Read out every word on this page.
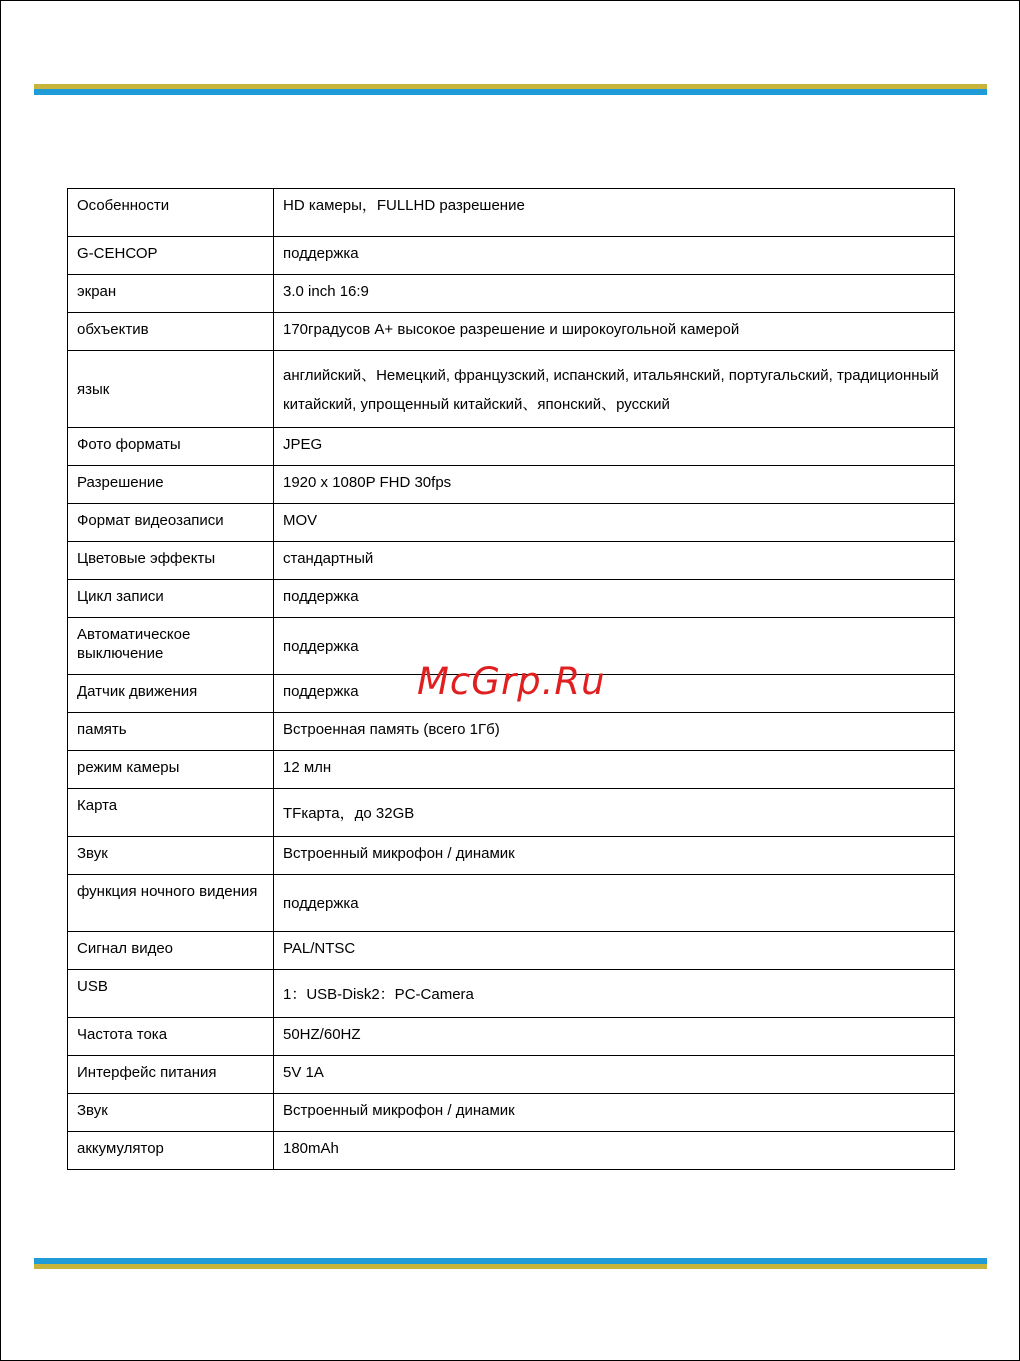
Особенности	HD камеры，FULLHD разрешение
G-СЕНСОР	поддержка
экран	3.0 inch 16:9
обхъектив	170градусов A+ высокое разрешение и широкоугольной камерой
язык	английский、Немецкий, французский, испанский, итальянский, португальский, традиционный китайский, упрощенный китайский、японский、русский
Фото форматы	JPEG
Разрешение	1920 x 1080P FHD 30fps
Формат видеозаписи	MOV
Цветовые эффекты	стандартный
Цикл записи	поддержка
Автоматическое выключение	поддержка
Датчик движения	поддержка
память	Встроенная память (всего 1Гб)
режим камеры	12 млн
Карта	TFкарта，до 32GB
Звук	Встроенный микрофон / динамик
функция ночного видения	поддержка
Сигнал видео	PAL/NTSC
USB	1：USB-Disk2：PC-Camera
Частота тока	50HZ/60HZ
Интерфейс питания	5V 1A
Звук	Встроенный микрофон / динамик
аккумулятор	180mAh
McGrp.Ru
